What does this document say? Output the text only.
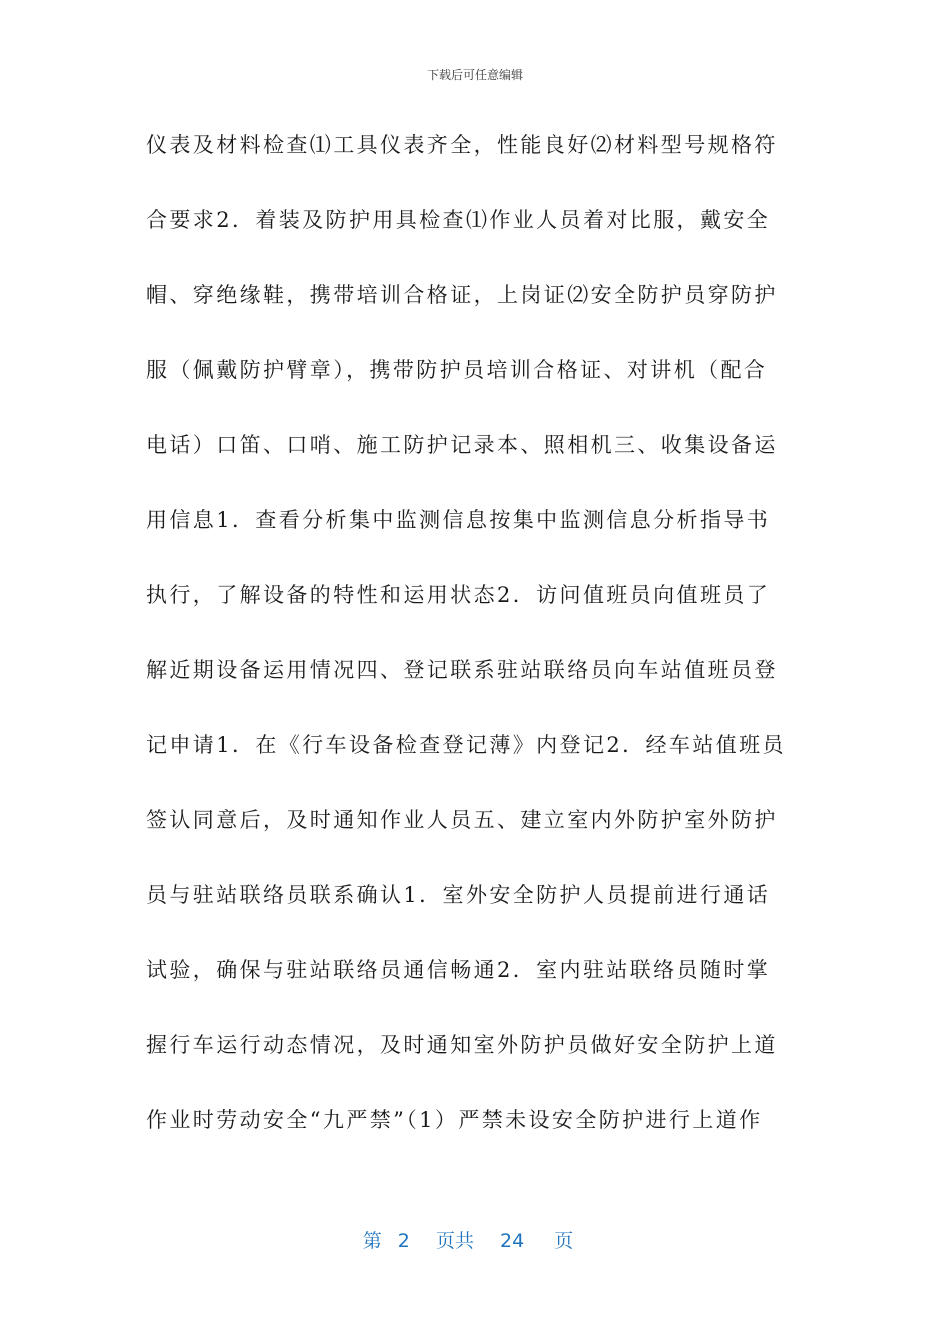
下载后可任意编辑
仪表及材料检查⑴工具仪表齐全，性能良好⑵材料型号规格符
合要求2．着装及防护用具检查⑴作业人员着对比服，戴安全
帽、穿绝缘鞋，携带培训合格证，上岗证⑵安全防护员穿防护
服（佩戴防护臂章），携带防护员培训合格证、对讲机（配合
电话）口笛、口哨、施工防护记录本、照相机三、收集设备运
用信息1．查看分析集中监测信息按集中监测信息分析指导书
执行，了解设备的特性和运用状态2．访问值班员向值班员了
解近期设备运用情况四、登记联系驻站联络员向车站值班员登
记申请1．在《行车设备检查登记薄》内登记2．经车站值班员
签认同意后，及时通知作业人员五、建立室内外防护室外防护
员与驻站联络员联系确认1．室外安全防护人员提前进行通话
试验，确保与驻站联络员通信畅通2．室内驻站联络员随时掌
握行车运行动态情况，及时通知室外防护员做好安全防护上道
作业时劳动安全“九严禁”（1）严禁未设安全防护进行上道作
第 2 页共 24 页
